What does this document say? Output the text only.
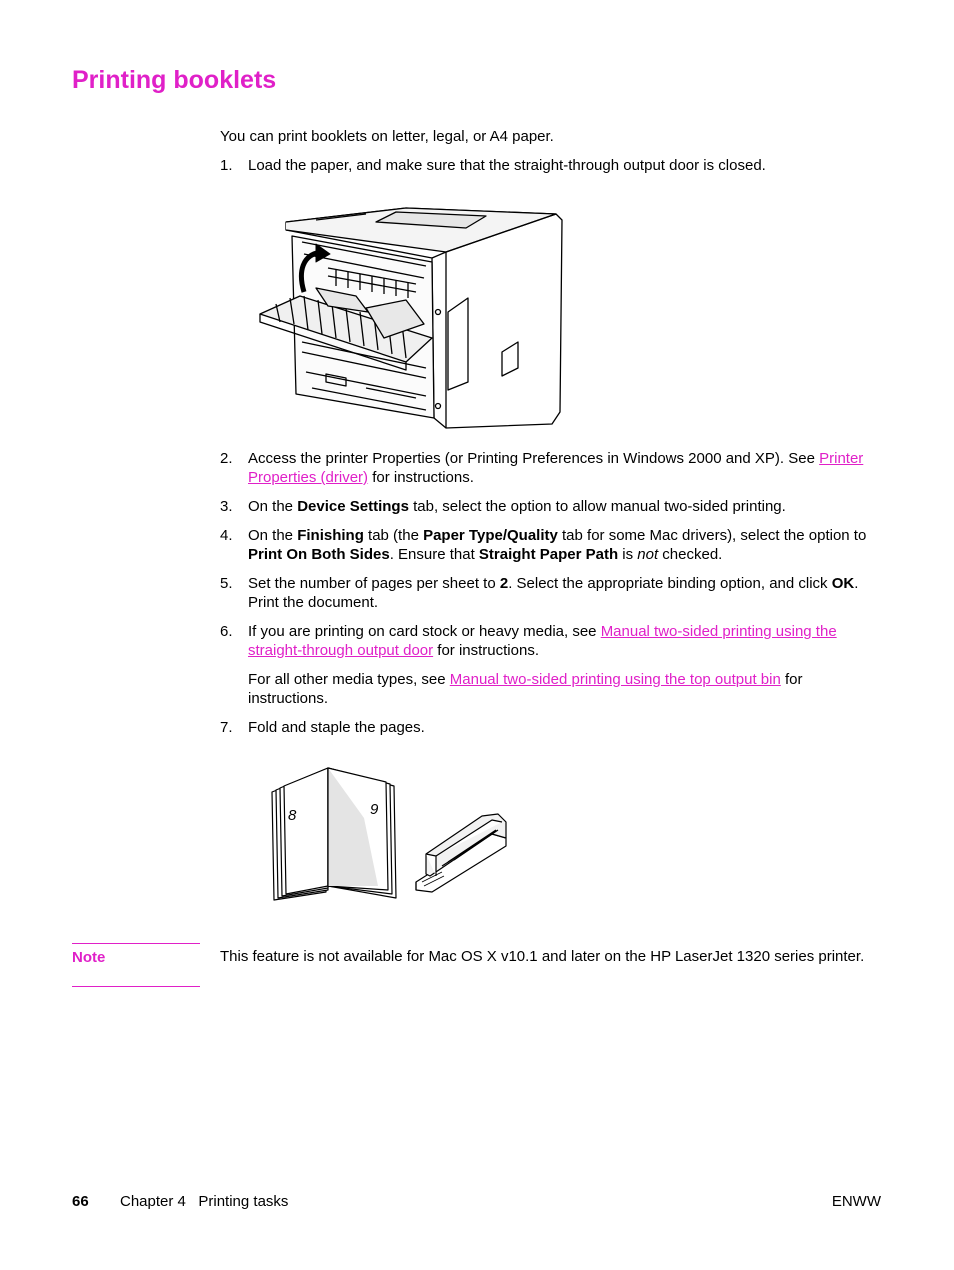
Printing booklets

You can print booklets on letter, legal, or A4 paper.

1. Load the paper, and make sure that the straight-through output door is closed.
2. Access the printer Properties (or Printing Preferences in Windows 2000 and XP). See Printer Properties (driver) for instructions.
3. On the Device Settings tab, select the option to allow manual two-sided printing.
4. On the Finishing tab (the Paper Type/Quality tab for some Mac drivers), select the option to Print On Both Sides. Ensure that Straight Paper Path is not checked.
5. Set the number of pages per sheet to 2. Select the appropriate binding option, and click OK. Print the document.
6. If you are printing on card stock or heavy media, see Manual two-sided printing using the straight-through output door for instructions.
For all other media types, see Manual two-sided printing using the top output bin for instructions.
7. Fold and staple the pages.
8	9
Note	This feature is not available for Mac OS X v10.1 and later on the HP LaserJet 1320 series printer.
66 Chapter 4   Printing tasks	ENWW
